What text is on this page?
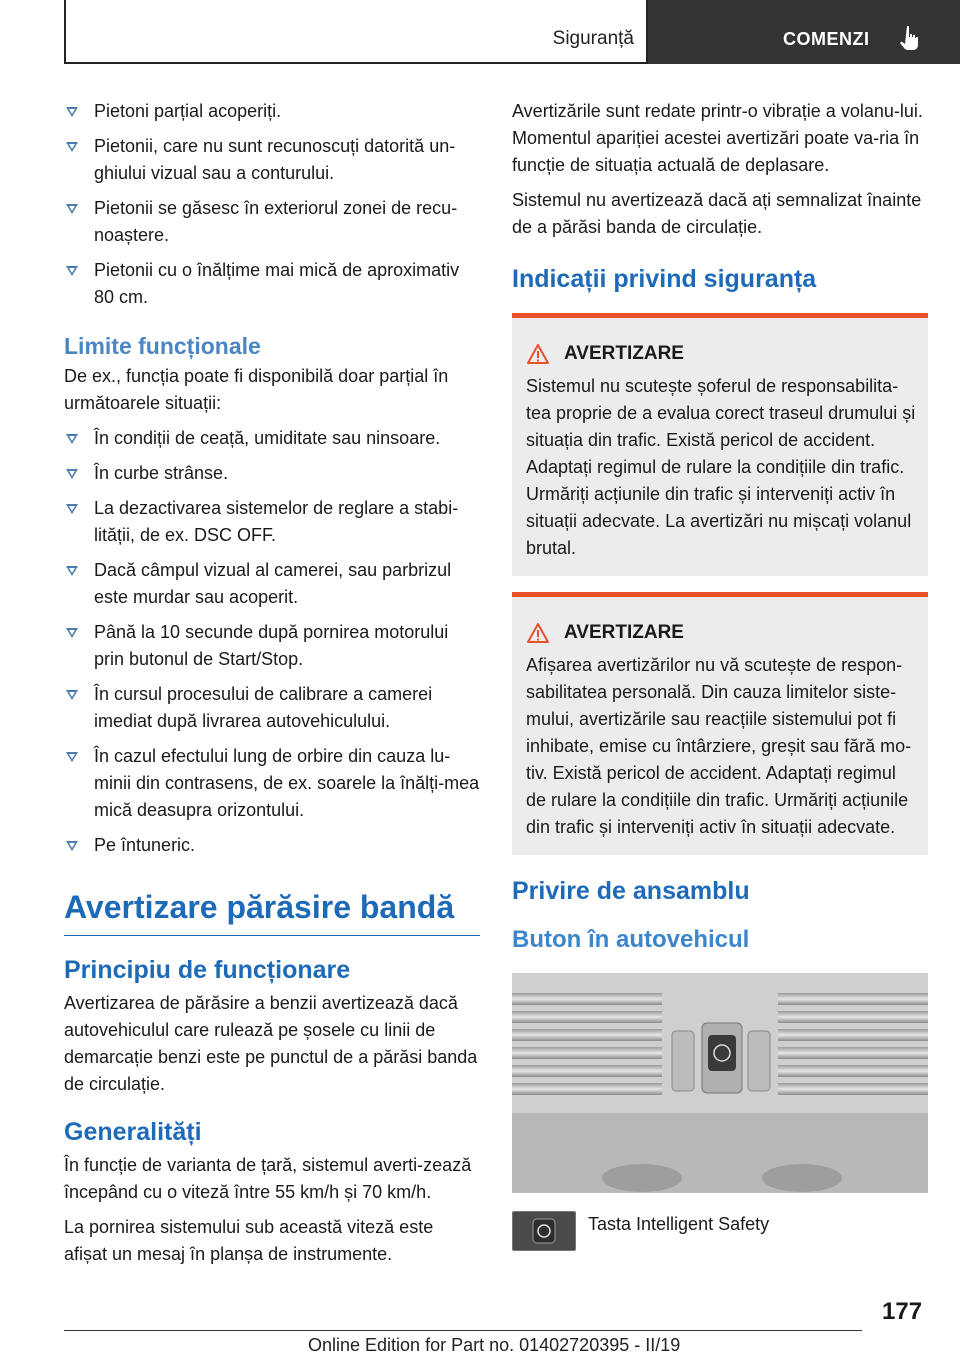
Siguranță	COMENZI
Pietoni parțial acoperiți.
Pietonii, care nu sunt recunoscuți datorită un-ghiului vizual sau a conturului.
Pietonii se găsesc în exteriorul zonei de recu-noaștere.
Pietonii cu o înălțime mai mică de aproximativ 80 cm.
Limite funcționale

De ex., funcția poate fi disponibilă doar parțial în următoarele situații:

În condiții de ceață, umiditate sau ninsoare.
În curbe strânse.
La dezactivarea sistemelor de reglare a stabi-lității, de ex. DSC OFF.
Dacă câmpul vizual al camerei, sau parbrizul este murdar sau acoperit.
Până la 10 secunde după pornirea motorului prin butonul de Start/Stop.
În cursul procesului de calibrare a camerei imediat după livrarea autovehiculului.
În cazul efectului lung de orbire din cauza lu-minii din contrasens, de ex. soarele la înălți-mea mică deasupra orizontului.
Pe întuneric.
Avertizare părăsire bandă
Principiu de funcționare

Avertizarea de părăsire a benzii avertizează dacă autovehiculul care rulează pe șosele cu linii de demarcație benzi este pe punctul de a părăsi banda de circulație.

Generalități

În funcție de varianta de țară, sistemul averti-zează începând cu o viteză între 55 km/h și 70 km/h.

La pornirea sistemului sub această viteză este afișat un mesaj în planșa de instrumente.

Avertizările sunt redate printr-o vibrație a volanu-lui. Momentul apariției acestei avertizări poate va-ria în funcție de situația actuală de deplasare.

Sistemul nu avertizează dacă ați semnalizat înainte de a părăsi banda de circulație.

Indicații privind siguranța
AVERTIZARE
Sistemul nu scutește șoferul de responsabilita-tea proprie de a evalua corect traseul drumului și situația din trafic. Există pericol de accident. Adaptați regimul de rulare la condițiile din trafic. Urmăriți acțiunile din trafic și interveniți activ în situații adecvate. La avertizări nu mișcați volanul brutal.
AVERTIZARE
Afișarea avertizărilor nu vă scutește de respon-sabilitatea personală. Din cauza limitelor siste-mului, avertizările sau reacțiile sistemului pot fi inhibate, emise cu întârziere, greșit sau fără mo-tiv. Există pericol de accident. Adaptați regimul de rulare la condițiile din trafic. Urmăriți acțiunile din trafic și interveniți activ în situații adecvate.
Privire de ansamblu
Buton în autovehicul
Tasta Intelligent Safety
177
Online Edition for Part no. 01402720395 - II/19
